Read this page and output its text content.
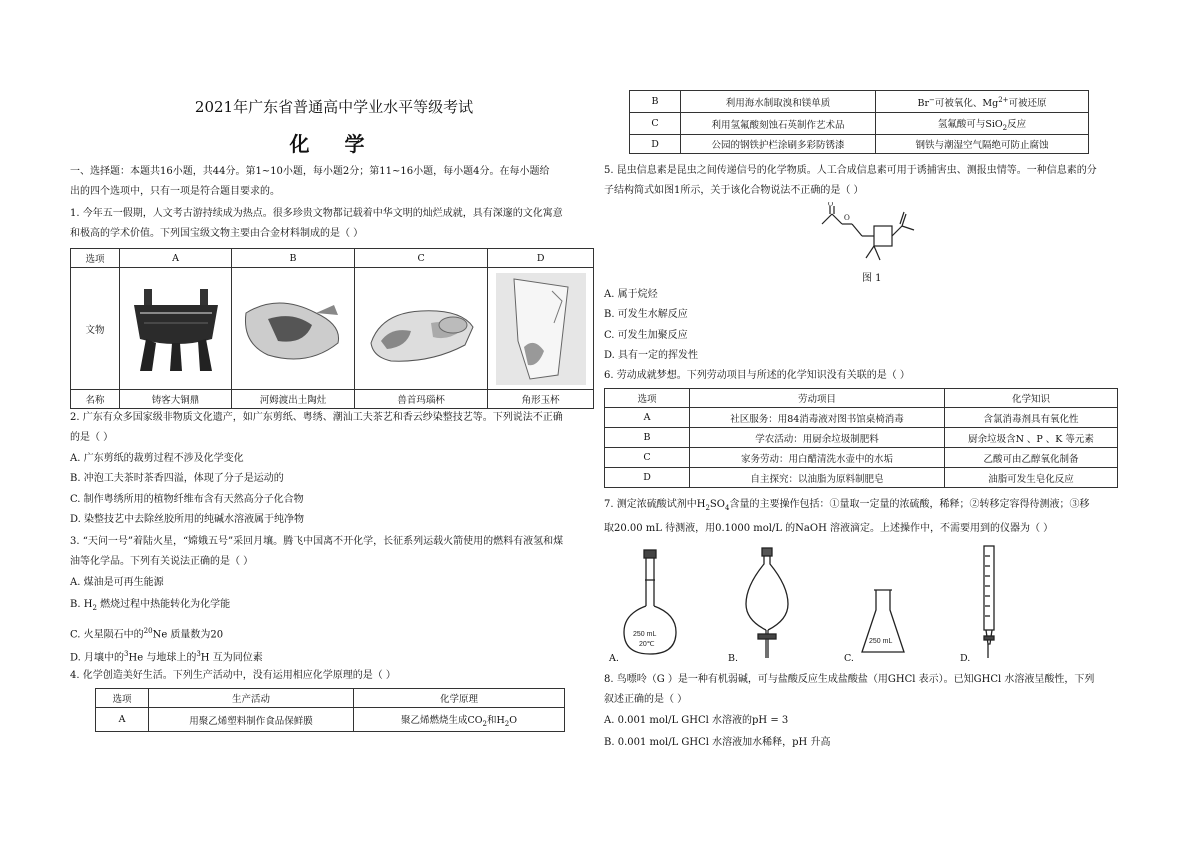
2021年广东省普通高中学业水平等级考试
化 学
一、选择题：本题共16小题，共44分。第1~10小题，每小题2分；第11~16小题，每小题4分。在每小题给
出的四个选项中，只有一项是符合题目要求的。
1. 今年五一假期，人文考古游持续成为热点。很多珍贵文物都记载着中华文明的灿烂成就，具有深邃的文化寓意
和极高的学术价值。下列国宝级文物主要由合金材料制成的是（ ）
选项	A	B	C	D
文物	

名称	铸客大铜鼎	河姆渡出土陶灶	兽首玛瑙杯	角形玉杯
2. 广东有众多国家级非物质文化遗产，如广东剪纸、粤绣、潮汕工夫茶艺和香云纱染整技艺等。下列说法不正确
的是（ ）
A. 广东剪纸的裁剪过程不涉及化学变化
B. 冲泡工夫茶时茶香四溢，体现了分子是运动的
C. 制作粤绣所用的植物纤维布含有天然高分子化合物
D. 染整技艺中去除丝胶所用的纯碱水溶液属于纯净物
3. “天问一号”着陆火星，“嫦娥五号”采回月壤。腾飞中国离不开化学，长征系列运载火箭使用的燃料有液氢和煤
油等化学品。下列有关说法正确的是（ ）
A. 煤油是可再生能源
B. $H_2$ 燃烧过程中热能转化为化学能
C. 火星陨石中的$^{20}$Ne 质量数为20
D. 月壤中的$^3$He 与地球上的$^3$H 互为同位素
4. 化学创造美好生活。下列生产活动中，没有运用相应化学原理的是（ ）
选项	生产活动	化学原理
A	用聚乙烯塑料制作食品保鲜膜	聚乙烯燃烧生成$CO_2$和$H_2O$
B	利用海水制取溴和镁单质	Br−可被氧化、$Mg^{2+}$可被还原
C	利用氢氟酸刻蚀石英制作艺术品	氢氟酸可与SiO$_2$反应
D	公园的钢铁护栏涂刷多彩防锈漆	钢铁与潮湿空气隔绝可防止腐蚀
5. 昆虫信息素是昆虫之间传递信号的化学物质。人工合成信息素可用于诱捕害虫、测报虫情等。一种信息素的分
子结构简式如图1所示，关于该化合物说法不正确的是（ ）
O
O
图 1
A. 属于烷烃
B. 可发生水解反应
C. 可发生加聚反应
D. 具有一定的挥发性
6. 劳动成就梦想。下列劳动项目与所述的化学知识没有关联的是（ ）
选项	劳动项目	化学知识
A	社区服务：用84消毒液对图书馆桌椅消毒	含氯消毒剂具有氧化性
B	学农活动：用厨余垃圾制肥料	厨余垃圾含N 、P 、K 等元素
C	家务劳动：用白醋清洗水壶中的水垢	乙酸可由乙醇氧化制备
D	自主探究：以油脂为原料制肥皂	油脂可发生皂化反应
7. 测定浓硫酸试剂中$H_2SO_4$含量的主要操作包括：①量取一定量的浓硫酸，稀释；②转移定容得待测液；③移
取20.00 mL 待测液，用0.1000 mol/L 的NaOH 溶液滴定。上述操作中，不需要用到的仪器为（ ）
250 mL
20℃
A.	B.
250 mL
C.	D.
8. 鸟嘌呤（G ）是一种有机弱碱，可与盐酸反应生成盐酸盐（用GHCl 表示）。已知GHCl 水溶液呈酸性，下列
叙述正确的是（ ）
A. 0.001 mol/L GHCl 水溶液的pH = 3
B. 0.001 mol/L GHCl 水溶液加水稀释，pH 升高
